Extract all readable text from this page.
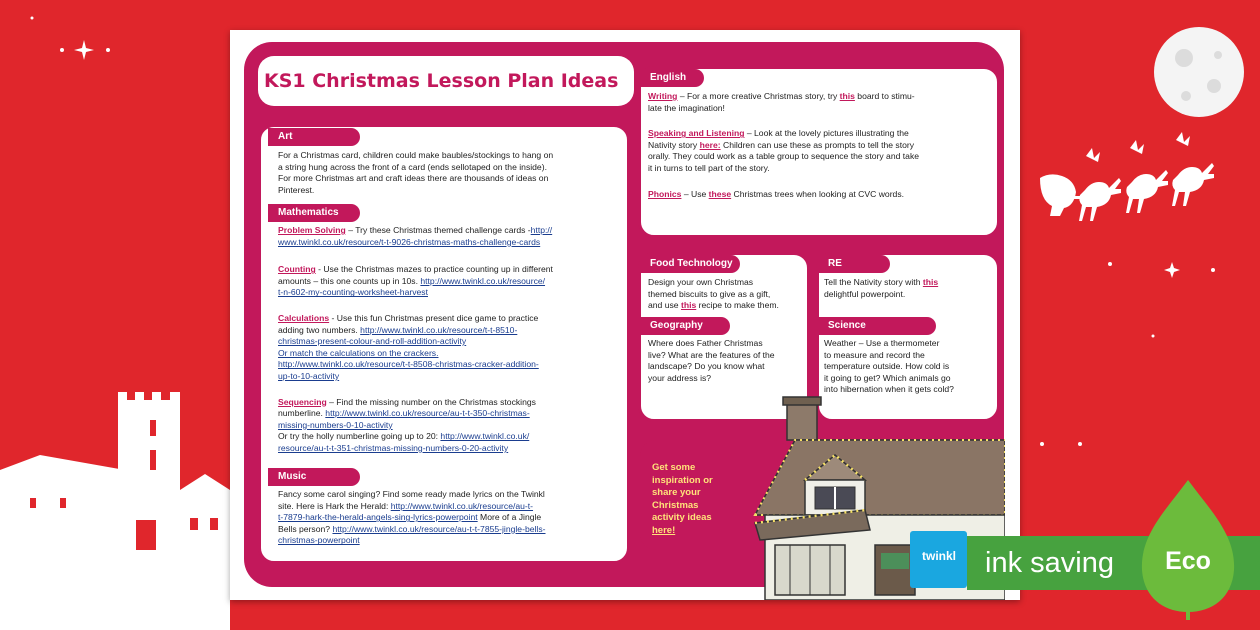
KS1 Christmas Lesson Plan Ideas
Art
For a Christmas card, children could make baubles/stockings to hang on
a string hung across the front of a card (ends sellotaped on the inside).
For more Christmas art and craft ideas there are thousands of ideas on
Pinterest.
Mathematics
Problem Solving – Try these Christmas themed challenge cards -http://
www.twinkl.co.uk/resource/t-t-9026-christmas-maths-challenge-cards
Counting - Use the Christmas mazes to practice counting up in different
amounts – this one counts up in 10s. http://www.twinkl.co.uk/resource/
t-n-602-my-counting-worksheet-harvest
Calculations - Use this fun Christmas present dice game to practice
adding two numbers. http://www.twinkl.co.uk/resource/t-t-8510-
christmas-present-colour-and-roll-addition-activity
Or match the calculations on the crackers.
http://www.twinkl.co.uk/resource/t-t-8508-christmas-cracker-addition-
up-to-10-activity
Sequencing – Find the missing number on the Christmas stockings
numberline. http://www.twinkl.co.uk/resource/au-t-t-350-christmas-
missing-numbers-0-10-activity
Or try the holly numberline going up to 20: http://www.twinkl.co.uk/
resource/au-t-t-351-christmas-missing-numbers-0-20-activity
Music
Fancy some carol singing? Find some ready made lyrics on the Twinkl
site. Here is Hark the Herald: http://www.twinkl.co.uk/resource/au-t-
t-7879-hark-the-herald-angels-sing-lyrics-powerpoint More of a Jingle
Bells person? http://www.twinkl.co.uk/resource/au-t-t-7855-jingle-bells-
christmas-powerpoint
English
Writing – For a more creative Christmas story, try this board to stimu-
late the imagination!
Speaking and Listening – Look at the lovely pictures illustrating the
Nativity story here: Children can use these as prompts to tell the story
orally. They could work as a table group to sequence the story and take
it in turns to tell part of the story.
Phonics – Use these Christmas trees when looking at CVC words.
Food Technology
Design your own Christmas
themed biscuits to give as a gift,
and use this recipe to make them.
Geography
Where does Father Christmas
live? What are the features of the
landscape? Do you know what
your address is?
RE
Tell the Nativity story with this
delightful powerpoint.
Science
Weather – Use a thermometer
to measure and record the
temperature outside. How cold is
it going to get? Which animals go
into hibernation when it gets cold?
Get some
inspiration or
share your
Christmas
activity ideas
here!
twinkl ink saving	Eco
